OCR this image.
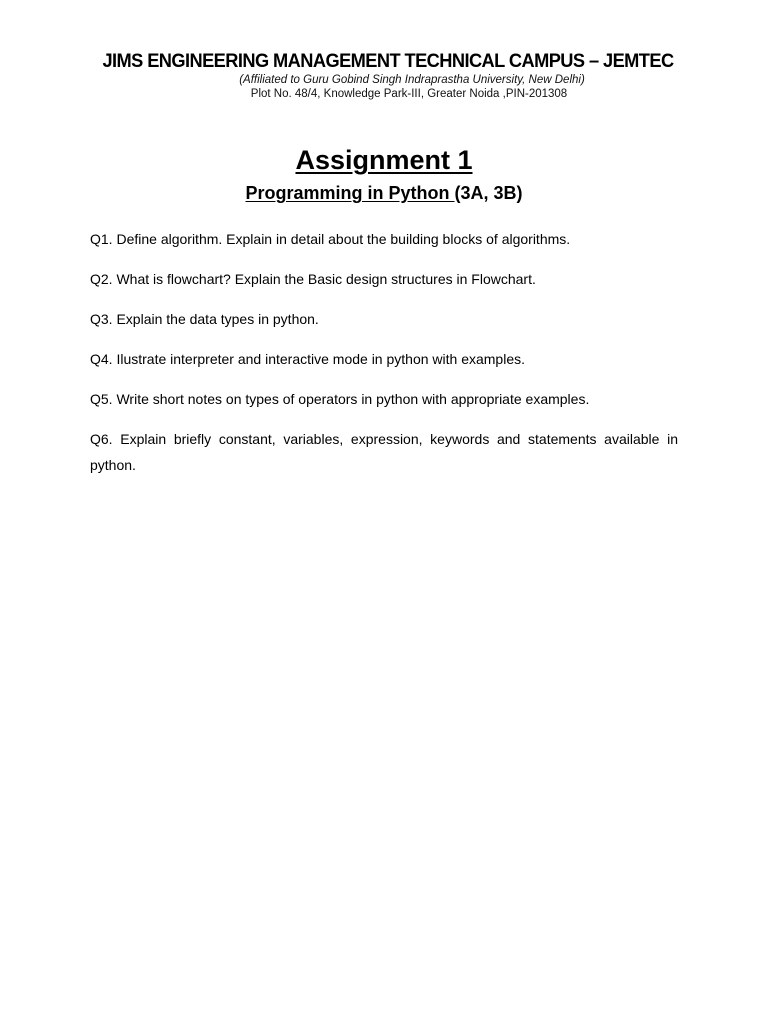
JIMS ENGINEERING MANAGEMENT TECHNICAL CAMPUS – JEMTEC
(Affiliated to Guru Gobind Singh Indraprastha University, New Delhi)
Plot No. 48/4, Knowledge Park-III, Greater Noida ,PIN-201308
Assignment 1
Programming in Python (3A, 3B)

Q1. Define algorithm. Explain in detail about the building blocks of algorithms.

Q2. What is flowchart? Explain the Basic design structures in Flowchart.

Q3. Explain the data types in python.

Q4. Ilustrate interpreter and interactive mode in python with examples.

Q5. Write short notes on types of operators in python with appropriate examples.

Q6. Explain briefly constant, variables, expression, keywords and statements available in python.
